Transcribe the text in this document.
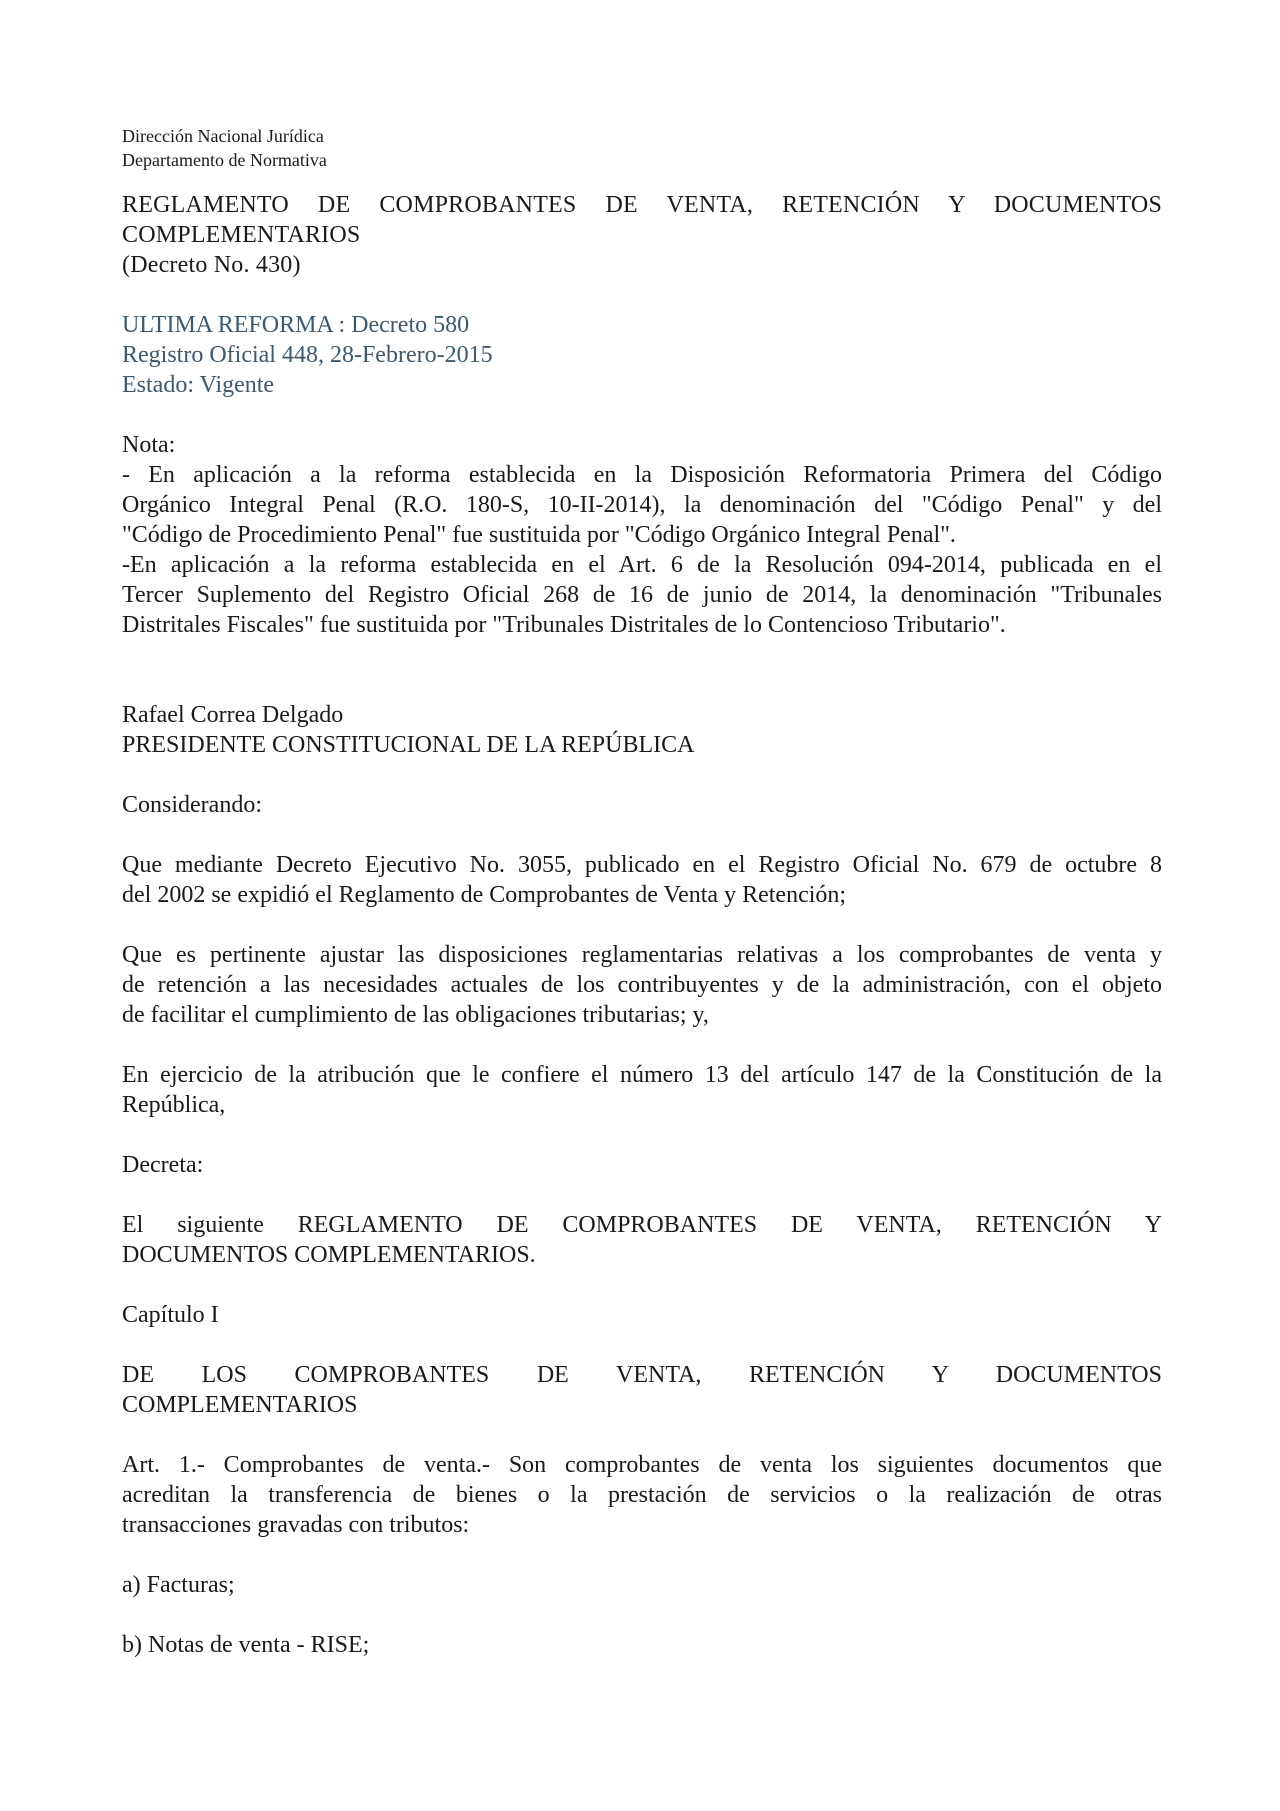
Dirección Nacional Jurídica
Departamento de Normativa
REGLAMENTO DE COMPROBANTES DE VENTA, RETENCIÓN Y DOCUMENTOS
COMPLEMENTARIOS
(Decreto No. 430)
ULTIMA REFORMA : Decreto 580
Registro Oficial 448, 28-Febrero-2015
Estado: Vigente
Nota:
- En aplicación a la reforma establecida en la Disposición Reformatoria Primera del Código
Orgánico Integral Penal (R.O. 180-S, 10-II-2014), la denominación del "Código Penal" y del
"Código de Procedimiento Penal" fue sustituida por "Código Orgánico Integral Penal".
-En aplicación a la reforma establecida en el Art. 6 de la Resolución 094-2014, publicada en el
Tercer Suplemento del Registro Oficial 268 de 16 de junio de 2014, la denominación "Tribunales
Distritales Fiscales" fue sustituida por "Tribunales Distritales de lo Contencioso Tributario".
Rafael Correa Delgado
PRESIDENTE CONSTITUCIONAL DE LA REPÚBLICA
Considerando:
Que mediante Decreto Ejecutivo No. 3055, publicado en el Registro Oficial No. 679 de octubre 8
del 2002 se expidió el Reglamento de Comprobantes de Venta y Retención;
Que es pertinente ajustar las disposiciones reglamentarias relativas a los comprobantes de venta y
de retención a las necesidades actuales de los contribuyentes y de la administración, con el objeto
de facilitar el cumplimiento de las obligaciones tributarias; y,
En ejercicio de la atribución que le confiere el número 13 del artículo 147 de la Constitución de la
República,
Decreta:
El siguiente REGLAMENTO DE COMPROBANTES DE VENTA, RETENCIÓN Y
DOCUMENTOS COMPLEMENTARIOS.
Capítulo I
DE LOS COMPROBANTES DE VENTA, RETENCIÓN Y DOCUMENTOS
COMPLEMENTARIOS
Art. 1.- Comprobantes de venta.- Son comprobantes de venta los siguientes documentos que
acreditan la transferencia de bienes o la prestación de servicios o la realización de otras
transacciones gravadas con tributos:
a) Facturas;
b) Notas de venta - RISE;
